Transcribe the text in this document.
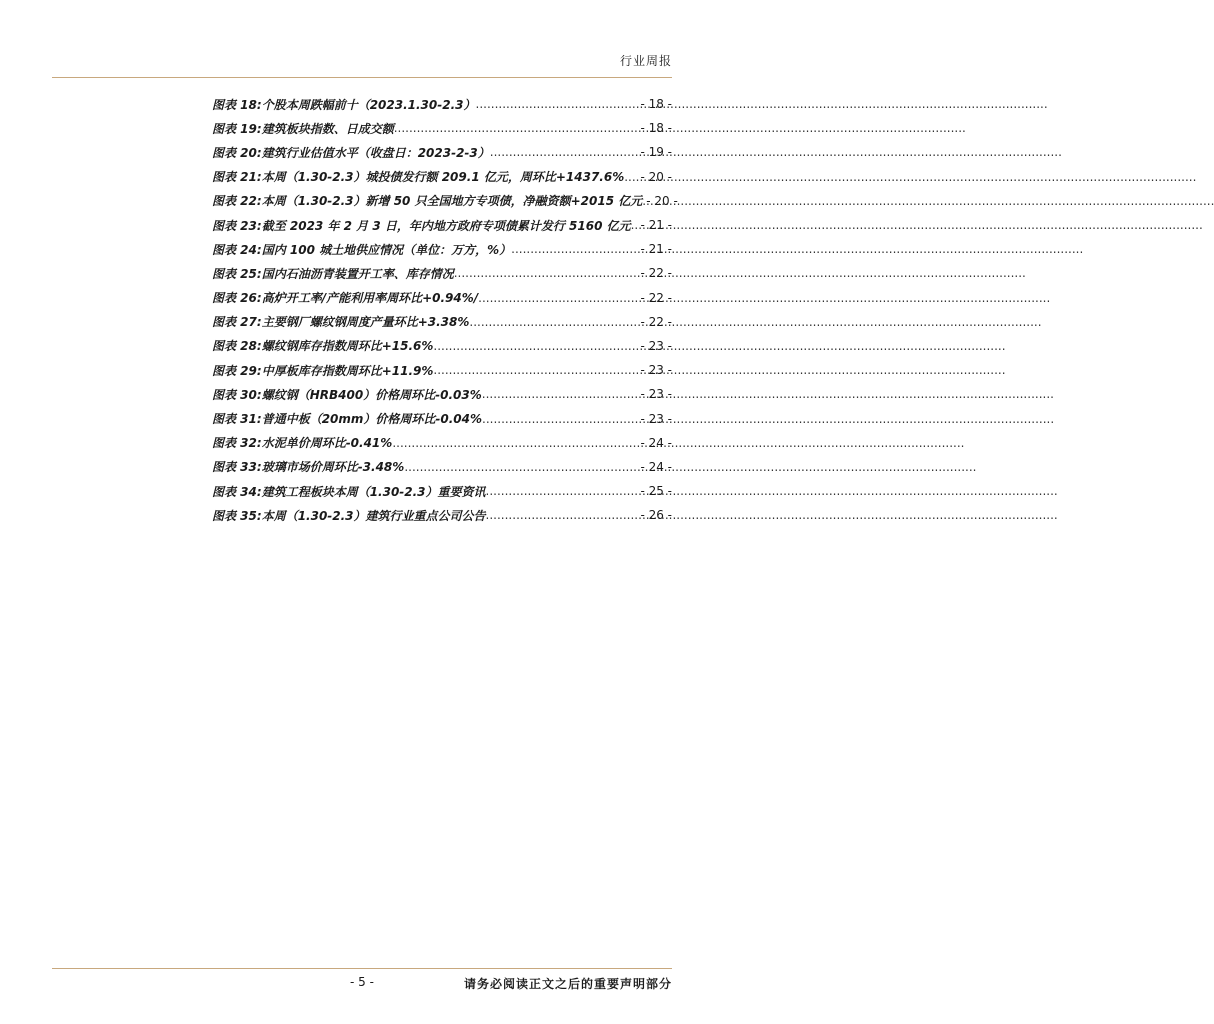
行业周报
图表 18: 个股本周跌幅前十（2023.1.30-2.3） .....	- 18 -
图表 19: 建筑板块指数、日成交额 .....	- 18 -
图表 20: 建筑行业估值水平（收盘日：2023-2-3） .....	- 19 -
图表 21: 本周（1.30-2.3）城投债发行额 209.1 亿元，周环比+1437.6% ..... - 20 -
图表 22: 本周（1.30-2.3）新增 50 只全国地方专项债，净融资额+2015 亿元 ..... - 20 -
图表 23: 截至 2023 年 2 月 3 日，年内地方政府专项债累计发行 5160 亿元 ..... - 21 -
图表 24: 国内 100 城土地供应情况（单位：万方，%） .....	- 21 -
图表 25: 国内石油沥青装置开工率、库存情况 .....	- 22 -
图表 26: 高炉开工率/产能利用率周环比+0.94%/ .....	- 22 -
图表 27: 主要钢厂螺纹钢周度产量环比+3.38% .....	- 22 -
图表 28: 螺纹钢库存指数周环比+15.6% .....	- 23 -
图表 29: 中厚板库存指数周环比+11.9% .....	- 23 -
图表 30: 螺纹钢（HRB400）价格周环比-0.03% .....	- 23 -
图表 31: 普通中板（20mm）价格周环比-0.04% .....	- 23 -
图表 32: 水泥单价周环比-0.41% .....	- 24 -
图表 33: 玻璃市场价周环比-3.48% .....	- 24 -
图表 34: 建筑工程板块本周（1.30-2.3）重要资讯 .....	- 25 -
图表 35: 本周（1.30-2.3）建筑行业重点公司公告 .....	- 26 -
- 5 -	请务必阅读正文之后的重要声明部分
